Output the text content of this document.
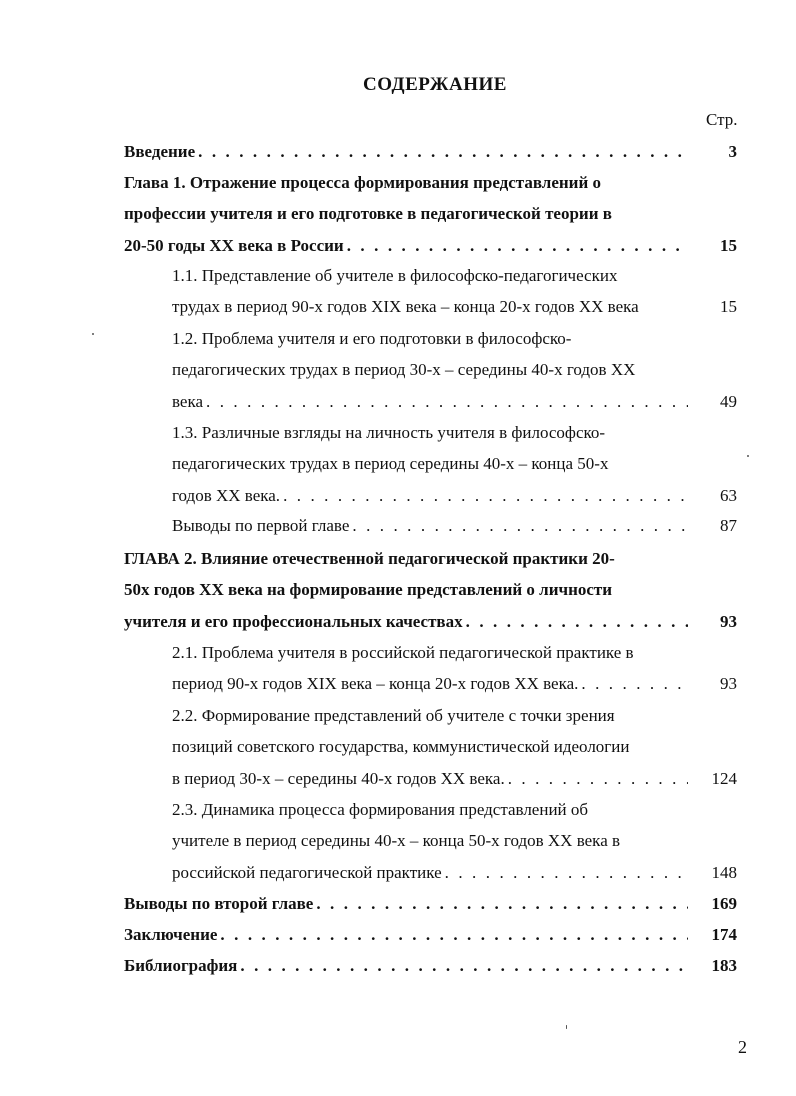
СОДЕРЖАНИЕ
Стр.
Введение . . .	3
Глава 1. Отражение процесса формирования представлений о
профессии учителя и его подготовке в педагогической теории в
20-50 годы XX века в России . . .	15
1.1. Представление об учителе в философско-педагогических
трудах в период 90-х годов XIX века – конца 20-х годов XX века	15
1.2. Проблема учителя и его подготовки в философско-
педагогических трудах в период 30-х – середины 40-х годов XX
века . . .	49
1.3. Различные взгляды на личность учителя в философско-
педагогических трудах в период середины 40-х – конца 50-х
годов XX века. . . .	63
Выводы по первой главе . . .	87
ГЛАВА 2. Влияние отечественной педагогической практики 20-
50х годов XX века на формирование представлений о личности
учителя и его профессиональных качествах . . .	93
2.1. Проблема учителя в российской педагогической практике в
период 90-х годов XIX века – конца 20-х годов XX века. . . .	93
2.2. Формирование представлений об учителе с точки зрения
позиций советского государства, коммунистической идеологии
в период 30-х – середины 40-х годов XX века. . . .	124
2.3. Динамика процесса формирования представлений об
учителе в период середины 40-х – конца 50-х годов XX века в
российской педагогической практике . . .	148
Выводы по второй главе . . .	169
Заключение . . .	174
Библиография . . .	183
2
